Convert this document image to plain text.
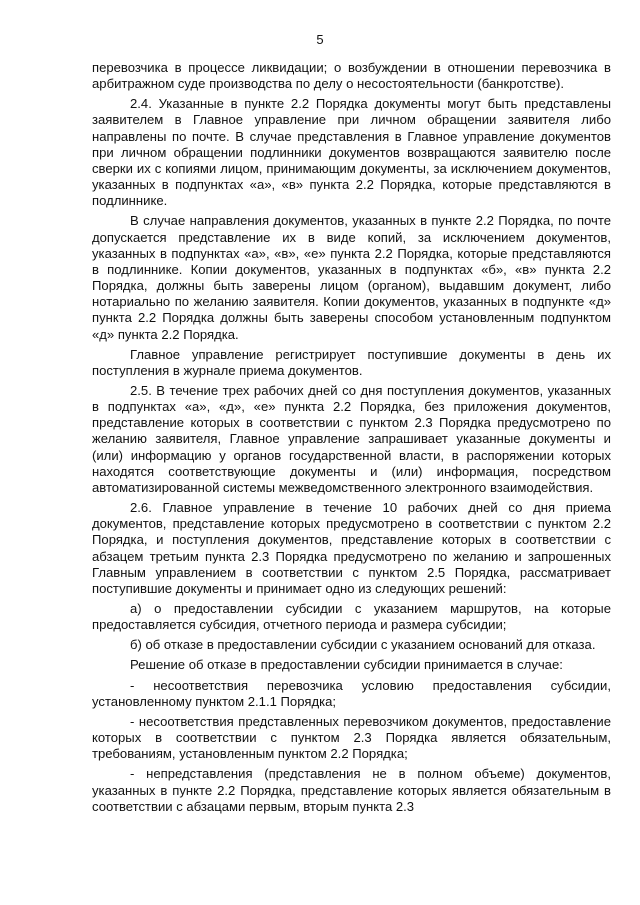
5

перевозчика в процессе ликвидации; о возбуждении в отношении перевозчика в арбитражном суде производства по делу о несостоятельности (банкротстве).

2.4. Указанные в пункте 2.2 Порядка документы могут быть представлены заявителем в Главное управление при личном обращении заявителя либо направлены по почте. В случае представления в Главное управление документов при личном обращении подлинники документов возвращаются заявителю после сверки их с копиями лицом, принимающим документы, за исключением документов, указанных в подпунктах «а», «в» пункта 2.2 Порядка, которые представляются в подлиннике.

В случае направления документов, указанных в пункте 2.2 Порядка, по почте допускается представление их в виде копий, за исключением документов, указанных в подпунктах «а», «в», «е» пункта 2.2 Порядка, которые представляются в подлиннике. Копии документов, указанных в подпунктах «б», «в» пункта 2.2 Порядка, должны быть заверены лицом (органом), выдавшим документ, либо нотариально по желанию заявителя. Копии документов, указанных в подпункте «д» пункта 2.2 Порядка должны быть заверены способом установленным подпунктом «д» пункта 2.2 Порядка.

Главное управление регистрирует поступившие документы в день их поступления в журнале приема документов.

2.5. В течение трех рабочих дней со дня поступления документов, указанных в подпунктах «а», «д», «е» пункта 2.2 Порядка, без приложения документов, представление которых в соответствии с пунктом 2.3 Порядка предусмотрено по желанию заявителя, Главное управление запрашивает указанные документы и (или) информацию у органов государственной власти, в распоряжении которых находятся соответствующие документы и (или) информация, посредством автоматизированной системы межведомственного электронного взаимодействия.

2.6. Главное управление в течение 10 рабочих дней со дня приема документов, представление которых предусмотрено в соответствии с пунктом 2.2 Порядка, и поступления документов, представление которых в соответствии с абзацем третьим пункта 2.3 Порядка предусмотрено по желанию и запрошенных Главным управлением в соответствии с пунктом 2.5 Порядка, рассматривает поступившие документы и принимает одно из следующих решений:

а) о предоставлении субсидии с указанием маршрутов, на которые предоставляется субсидия, отчетного периода и размера субсидии;

б) об отказе в предоставлении субсидии с указанием оснований для отказа.

Решение об отказе в предоставлении субсидии принимается в случае:

- несоответствия перевозчика условию предоставления субсидии, установленному пунктом 2.1.1 Порядка;

- несоответствия представленных перевозчиком документов, предоставление которых в соответствии с пунктом 2.3 Порядка является обязательным, требованиям, установленным пунктом 2.2 Порядка;

- непредставления (представления не в полном объеме) документов, указанных в пункте 2.2 Порядка, представление которых является обязательным в соответствии с абзацами первым, вторым пункта 2.3
